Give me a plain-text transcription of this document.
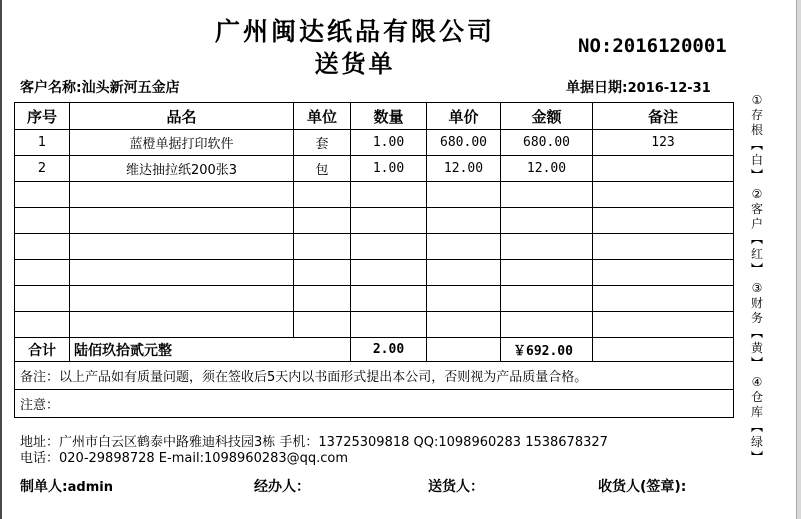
广州闽达纸品有限公司
送货单
NO:2016120001
客户名称:汕头新河五金店	单据日期:2016-12-31
序号	品名	单位	数量	单价	金额	备注
1	蓝橙单据打印软件	套	1.00	680.00	680.00	123
2	维达抽拉纸200张3	包	1.00	12.00	12.00	

合计	陆佰玖拾贰元整		2.00		￥692.00	
备注：以上产品如有质量问题，须在签收后5天内以书面形式提出本公司，否则视为产品质量合格。						
注意：						
地址：广州市白云区鹤泰中路雅迪科技园3栋 手机：13725309818 QQ:1098960283 1538678327
电话：020-29898728 E-mail:1098960283@qq.com
制单人:admin	经办人：	送货人：	收货人(签章):
①
存
根
︻
白
︼
②
客
户
︻
红
︼
③
财
务
︻
黄
︼
④
仓
库
︻
绿
︼
